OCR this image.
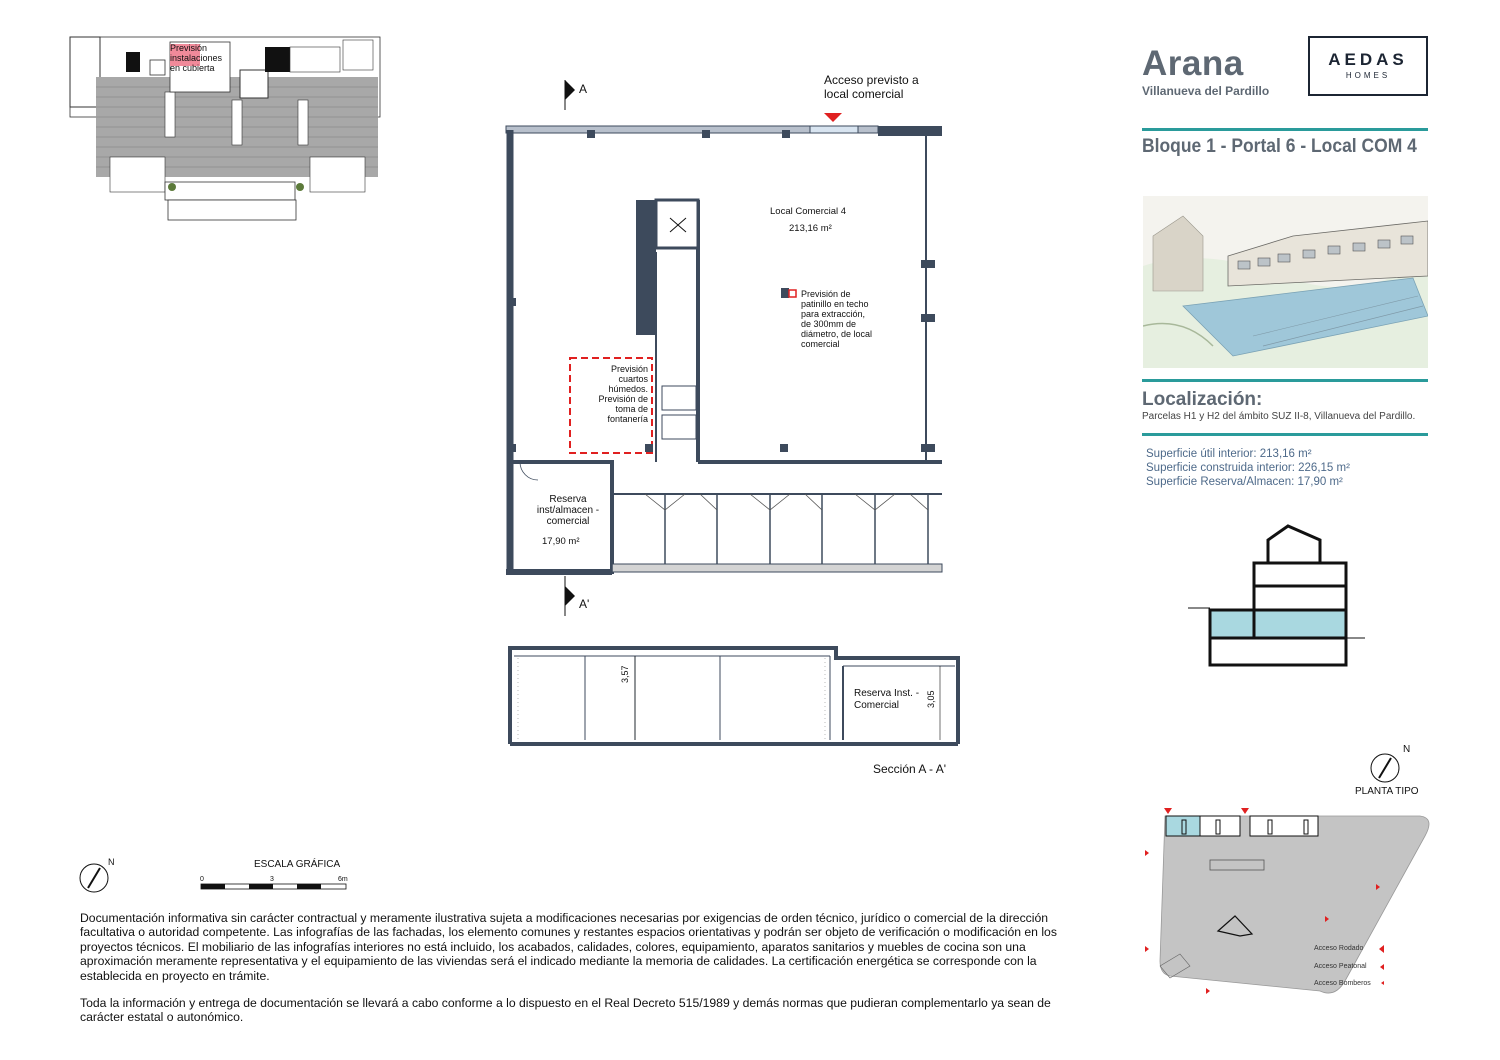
Arana
Villanueva del Pardillo
AEDAS
HOMES
Bloque 1 - Portal 6 - Local COM 4
Localización:
Parcelas H1 y H2 del ámbito SUZ II-8, Villanueva del Pardillo.
Superficie útil interior: 213,16 m²
Superficie construida interior: 226,15 m²
Superficie Reserva/Almacen: 17,90 m²
N
PLANTA TIPO
Acceso Rodado
Acceso Peatonal
Acceso Bomberos
Previsión instalaciones en cubierta
A
A'
Acceso previsto a local comercial
Local Comercial 4
213,16 m²
Previsión de patinillo en techo para extracción, de 300mm de diámetro, de local comercial
Previsión cuartos húmedos. Previsión de toma de fontanería
Reserva inst/almacen - comercial
17,90 m²
3,57
3,05
Reserva Inst. - Comercial
Sección A - A'
N	ESCALA GRÁFICA
0	3	6m
Documentación informativa sin carácter contractual y meramente ilustrativa sujeta a modificaciones necesarias por exigencias de orden técnico, jurídico o comercial de la dirección facultativa o autoridad competente. Las infografías de las fachadas, los elemento comunes y restantes espacios orientativas y podrán ser objeto de verificación o modificación en los proyectos técnicos. El mobiliario de las infografías interiores no está incluido, los acabados, calidades, colores, equipamiento, aparatos sanitarios y muebles de cocina son una aproximación meramente representativa y el equipamiento de las viviendas será el indicado mediante la memoria de calidades. La certificación energética se corresponde con la establecida en proyecto en trámite.
Toda la información y entrega de documentación se llevará a cabo conforme a lo dispuesto en el Real Decreto 515/1989 y demás normas que pudieran complementarlo ya sean de carácter estatal o autonómico.
